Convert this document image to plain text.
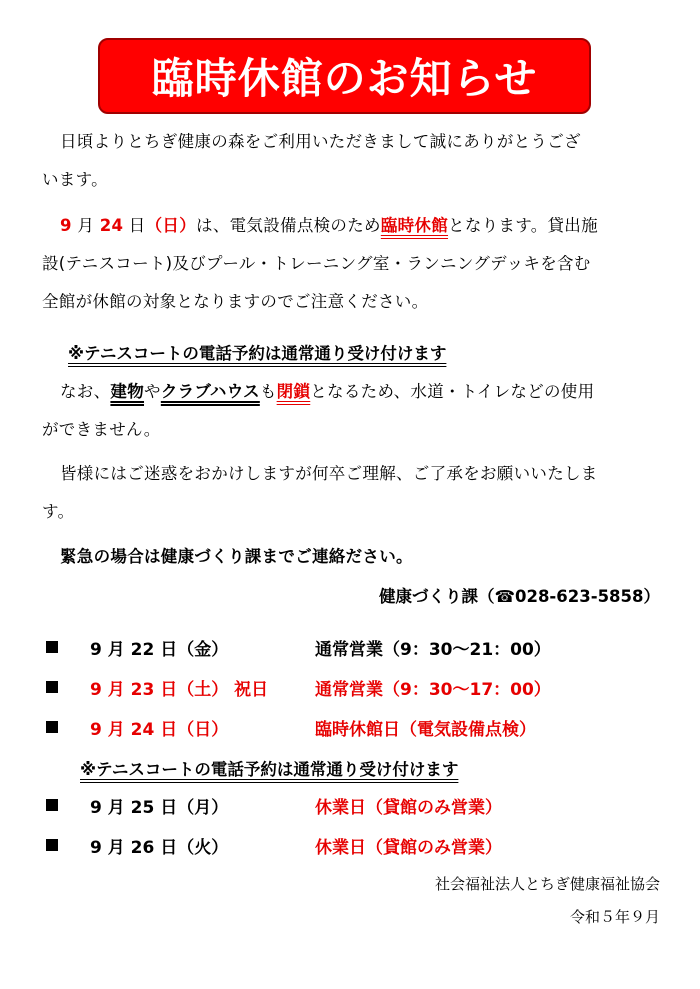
臨時休館のお知らせ

日頃よりとちぎ健康の森をご利用いただきまして誠にありがとうござ
います。

9 月 24 日（日）は、電気設備点検のため臨時休館となります。貸出施
設(テニスコート)及びプール・トレーニング室・ランニングデッキを含む
全館が休館の対象となりますのでご注意ください。

※テニスコートの電話予約は通常通り受け付けます

なお、建物やクラブハウスも閉鎖となるため、水道・トイレなどの使用
ができません。

皆様にはご迷惑をおかけしますが何卒ご理解、ご了承をお願いいたしま
す。

緊急の場合は健康づくり課までご連絡ださい。
健康づくり課（☎028-623-5858）
9 月 22 日（金）	通常営業（9：30〜21：00）
9 月 23 日（土） 祝日	通常営業（9：30〜17：00）
9 月 24 日（日）	臨時休館日（電気設備点検）
※テニスコートの電話予約は通常通り受け付けます
9 月 25 日（月）	休業日（貸館のみ営業）
9 月 26 日（火）	休業日（貸館のみ営業）
社会福祉法人とちぎ健康福祉協会
令和５年９月
